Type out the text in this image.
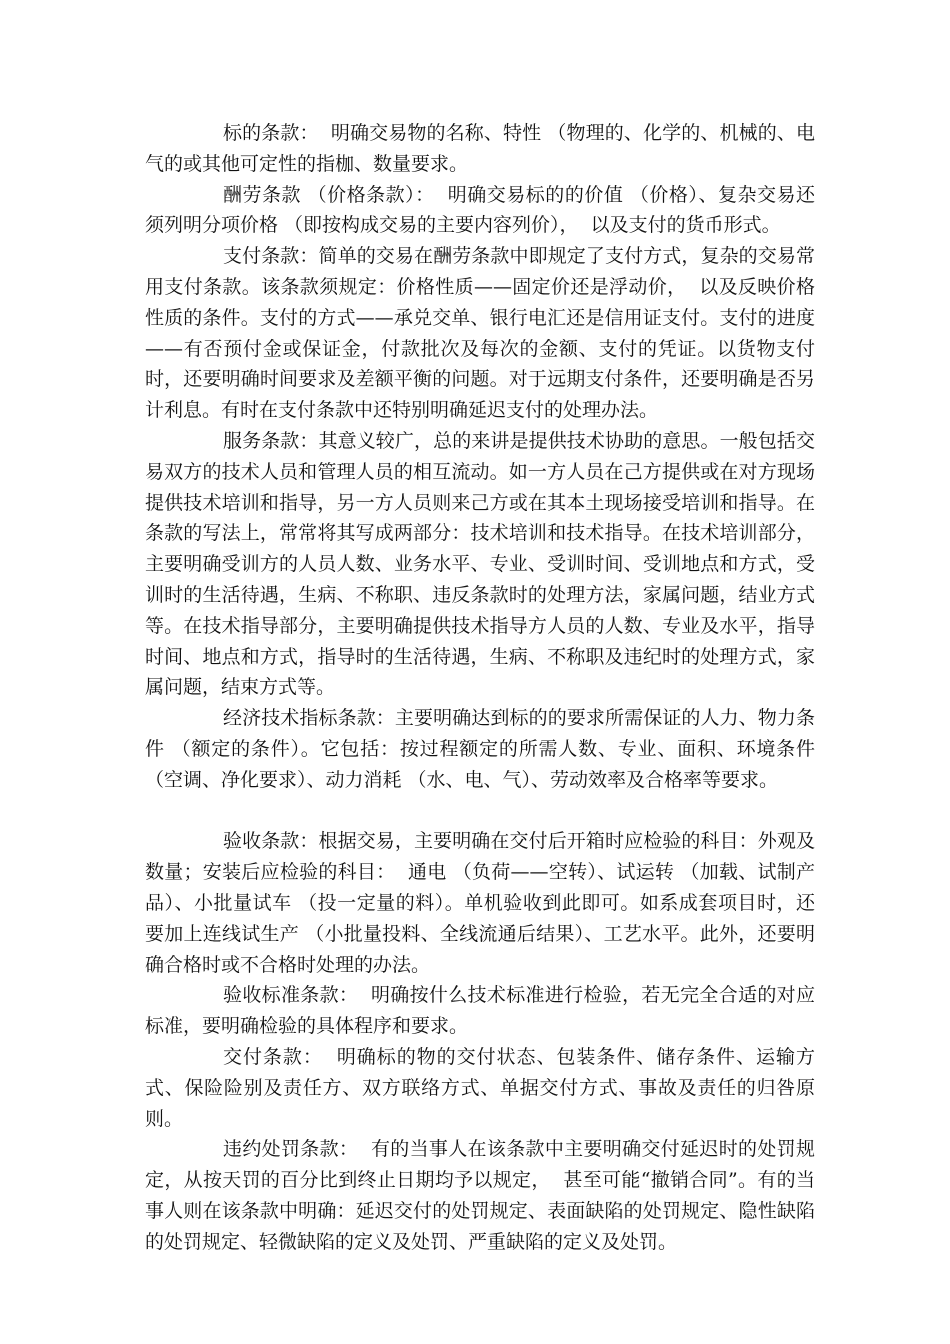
标的条款：  明确交易物的名称、特性 （物理的、化学的、机械的、电气的或其他可定性的指枷、数量要求。

酬劳条款 （价格条款）：  明确交易标的的价值 （价格）、复杂交易还须列明分项价格 （即按构成交易的主要内容列价），  以及支付的货币形式。

支付条款：简单的交易在酬劳条款中即规定了支付方式，复杂的交易常用支付条款。该条款须规定：价格性质——固定价还是浮动价，  以及反映价格性质的条件。支付的方式——承兑交单、银行电汇还是信用证支付。支付的进度——有否预付金或保证金，付款批次及每次的金额、支付的凭证。以货物支付时，还要明确时间要求及差额平衡的问题。对于远期支付条件，还要明确是否另计利息。有时在支付条款中还特别明确延迟支付的处理办法。

服务条款：其意义较广，总的来讲是提供技术协助的意思。一般包括交易双方的技术人员和管理人员的相互流动。如一方人员在己方提供或在对方现场提供技术培训和指导，另一方人员则来己方或在其本土现场接受培训和指导。在条款的写法上，常常将其写成两部分：技术培训和技术指导。在技术培训部分，主要明确受训方的人员人数、业务水平、专业、受训时间、受训地点和方式，受训时的生活待遇，生病、不称职、违反条款时的处理方法，家属问题，结业方式等。在技术指导部分，主要明确提供技术指导方人员的人数、专业及水平，指导时间、地点和方式，指导时的生活待遇，生病、不称职及违纪时的处理方式，家属问题，结束方式等。

经济技术指标条款：主要明确达到标的的要求所需保证的人力、物力条件 （额定的条件）。它包括：按过程额定的所需人数、专业、面积、环境条件 （空调、净化要求）、动力消耗 （水、电、气）、劳动效率及合格率等要求。

验收条款：根据交易，主要明确在交付后开箱时应检验的科目：外观及数量；安装后应检验的科目：  通电 （负荷——空转）、试运转 （加载、试制产品）、小批量试车 （投一定量的料）。单机验收到此即可。如系成套项目时，还要加上连线试生产 （小批量投料、全线流通后结果）、工艺水平。此外，还要明确合格时或不合格时处理的办法。

验收标准条款：  明确按什么技术标准进行检验，若无完全合适的对应标准，要明确检验的具体程序和要求。

交付条款：  明确标的物的交付状态、包装条件、储存条件、运输方式、保险险别及责任方、双方联络方式、单据交付方式、事故及责任的归咎原则。

违约处罚条款：  有的当事人在该条款中主要明确交付延迟时的处罚规定，从按天罚的百分比到终止日期均予以规定，  甚至可能“撤销合同”。有的当事人则在该条款中明确：延迟交付的处罚规定、表面缺陷的处罚规定、隐性缺陷的处罚规定、轻微缺陷的定义及处罚、严重缺陷的定义及处罚。
